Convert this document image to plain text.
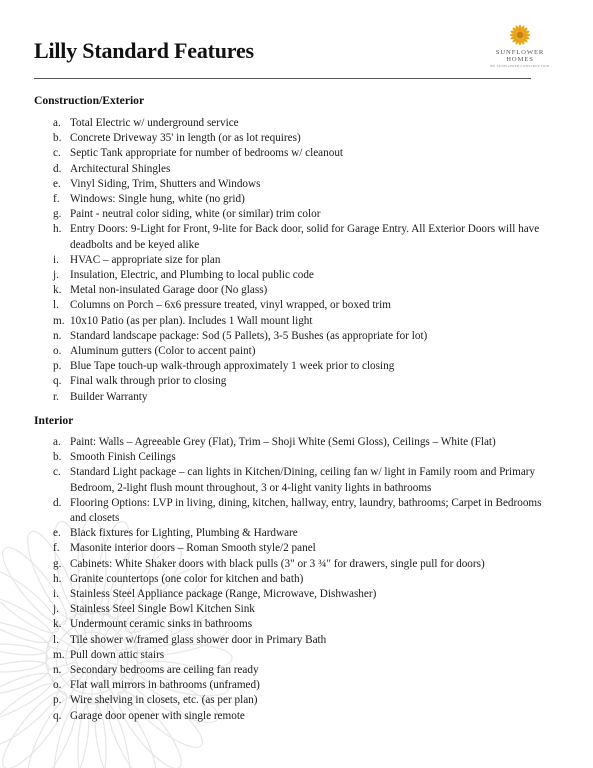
Lilly Standard Features	SUNFLOWER
HOMES
BY SUNFLOWER CONSTRUCTION
Construction/Exterior
a. Total Electric w/ underground service
b. Concrete Driveway 35' in length (or as lot requires)
c. Septic Tank appropriate for number of bedrooms w/ cleanout
d. Architectural Shingles
e. Vinyl Siding, Trim, Shutters and Windows
f. Windows: Single hung, white (no grid)
g. Paint - neutral color siding, white (or similar) trim color
h. Entry Doors: 9-Light for Front, 9-lite for Back door, solid for Garage Entry. All Exterior Doors will have deadbolts and be keyed alike
i. HVAC – appropriate size for plan
j. Insulation, Electric, and Plumbing to local public code
k. Metal non-insulated Garage door (No glass)
l. Columns on Porch – 6x6 pressure treated, vinyl wrapped, or boxed trim
m. 10x10 Patio (as per plan). Includes 1 Wall mount light
n. Standard landscape package: Sod (5 Pallets), 3-5 Bushes (as appropriate for lot)
o. Aluminum gutters (Color to accent paint)
p. Blue Tape touch-up walk-through approximately 1 week prior to closing
q. Final walk through prior to closing
r. Builder Warranty
Interior
a. Paint: Walls – Agreeable Grey (Flat), Trim – Shoji White (Semi Gloss), Ceilings – White (Flat)
b. Smooth Finish Ceilings
c. Standard Light package – can lights in Kitchen/Dining, ceiling fan w/ light in Family room and Primary Bedroom, 2-light flush mount throughout, 3 or 4-light vanity lights in bathrooms
d. Flooring Options: LVP in living, dining, kitchen, hallway, entry, laundry, bathrooms; Carpet in Bedrooms and closets
e. Black fixtures for Lighting, Plumbing & Hardware
f. Masonite interior doors – Roman Smooth style/2 panel
g. Cabinets: White Shaker doors with black pulls (3" or 3 ¾" for drawers, single pull for doors)
h. Granite countertops (one color for kitchen and bath)
i. Stainless Steel Appliance package (Range, Microwave, Dishwasher)
j. Stainless Steel Single Bowl Kitchen Sink
k. Undermount ceramic sinks in bathrooms
l. Tile shower w/framed glass shower door in Primary Bath
m. Pull down attic stairs
n. Secondary bedrooms are ceiling fan ready
o. Flat wall mirrors in bathrooms (unframed)
p. Wire shelving in closets, etc. (as per plan)
q. Garage door opener with single remote
